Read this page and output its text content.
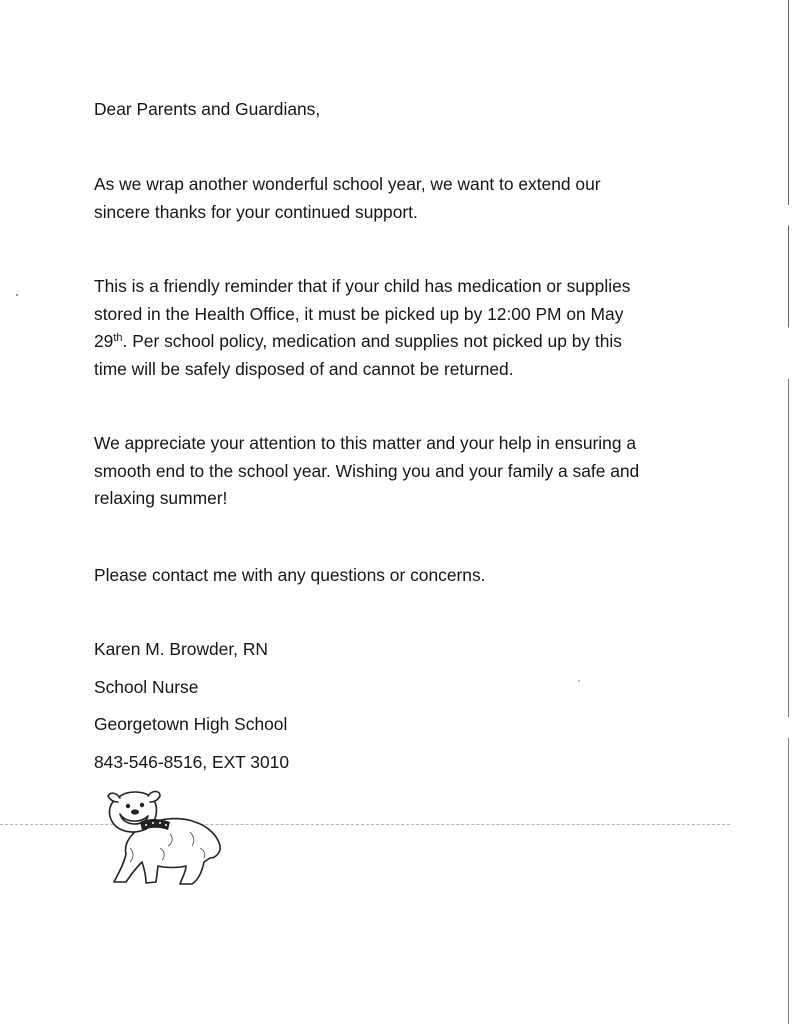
Dear Parents and Guardians,
As we wrap another wonderful school year, we want to extend our
sincere thanks for your continued support.
This is a friendly reminder that if your child has medication or supplies
stored in the Health Office, it must be picked up by 12:00 PM on May
29th. Per school policy, medication and supplies not picked up by this
time will be safely disposed of and cannot be returned.
We appreciate your attention to this matter and your help in ensuring a
smooth end to the school year. Wishing you and your family a safe and
relaxing summer!
Please contact me with any questions or concerns.
Karen M. Browder, RN
School Nurse
Georgetown High School
843-546-8516, EXT 3010
